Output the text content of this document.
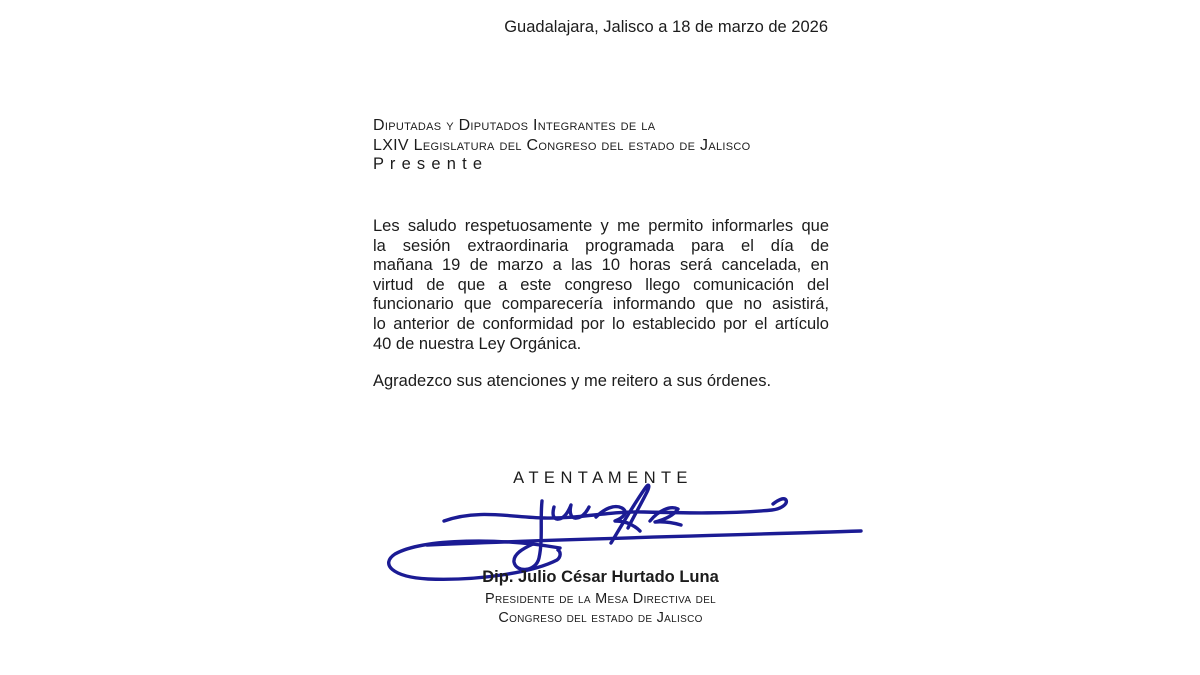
Guadalajara, Jalisco a 18 de marzo de 2026
Diputadas y Diputados Integrantes de la
LXIV Legislatura del Congreso del estado de Jalisco
P r e s e n t e
Les saludo respetuosamente y me permito informarles que
la sesión extraordinaria programada para el día de
mañana 19 de marzo a las 10 horas será cancelada, en
virtud de que a este congreso llego comunicación del
funcionario que comparecería informando que no asistirá,
lo anterior de conformidad por lo establecido por el artículo
40 de nuestra Ley Orgánica.
Agradezco sus atenciones y me reitero a sus órdenes.
A T E N T A M E N T E
Dip. Julio César Hurtado Luna
Presidente de la Mesa Directiva del
Congreso del estado de Jalisco
